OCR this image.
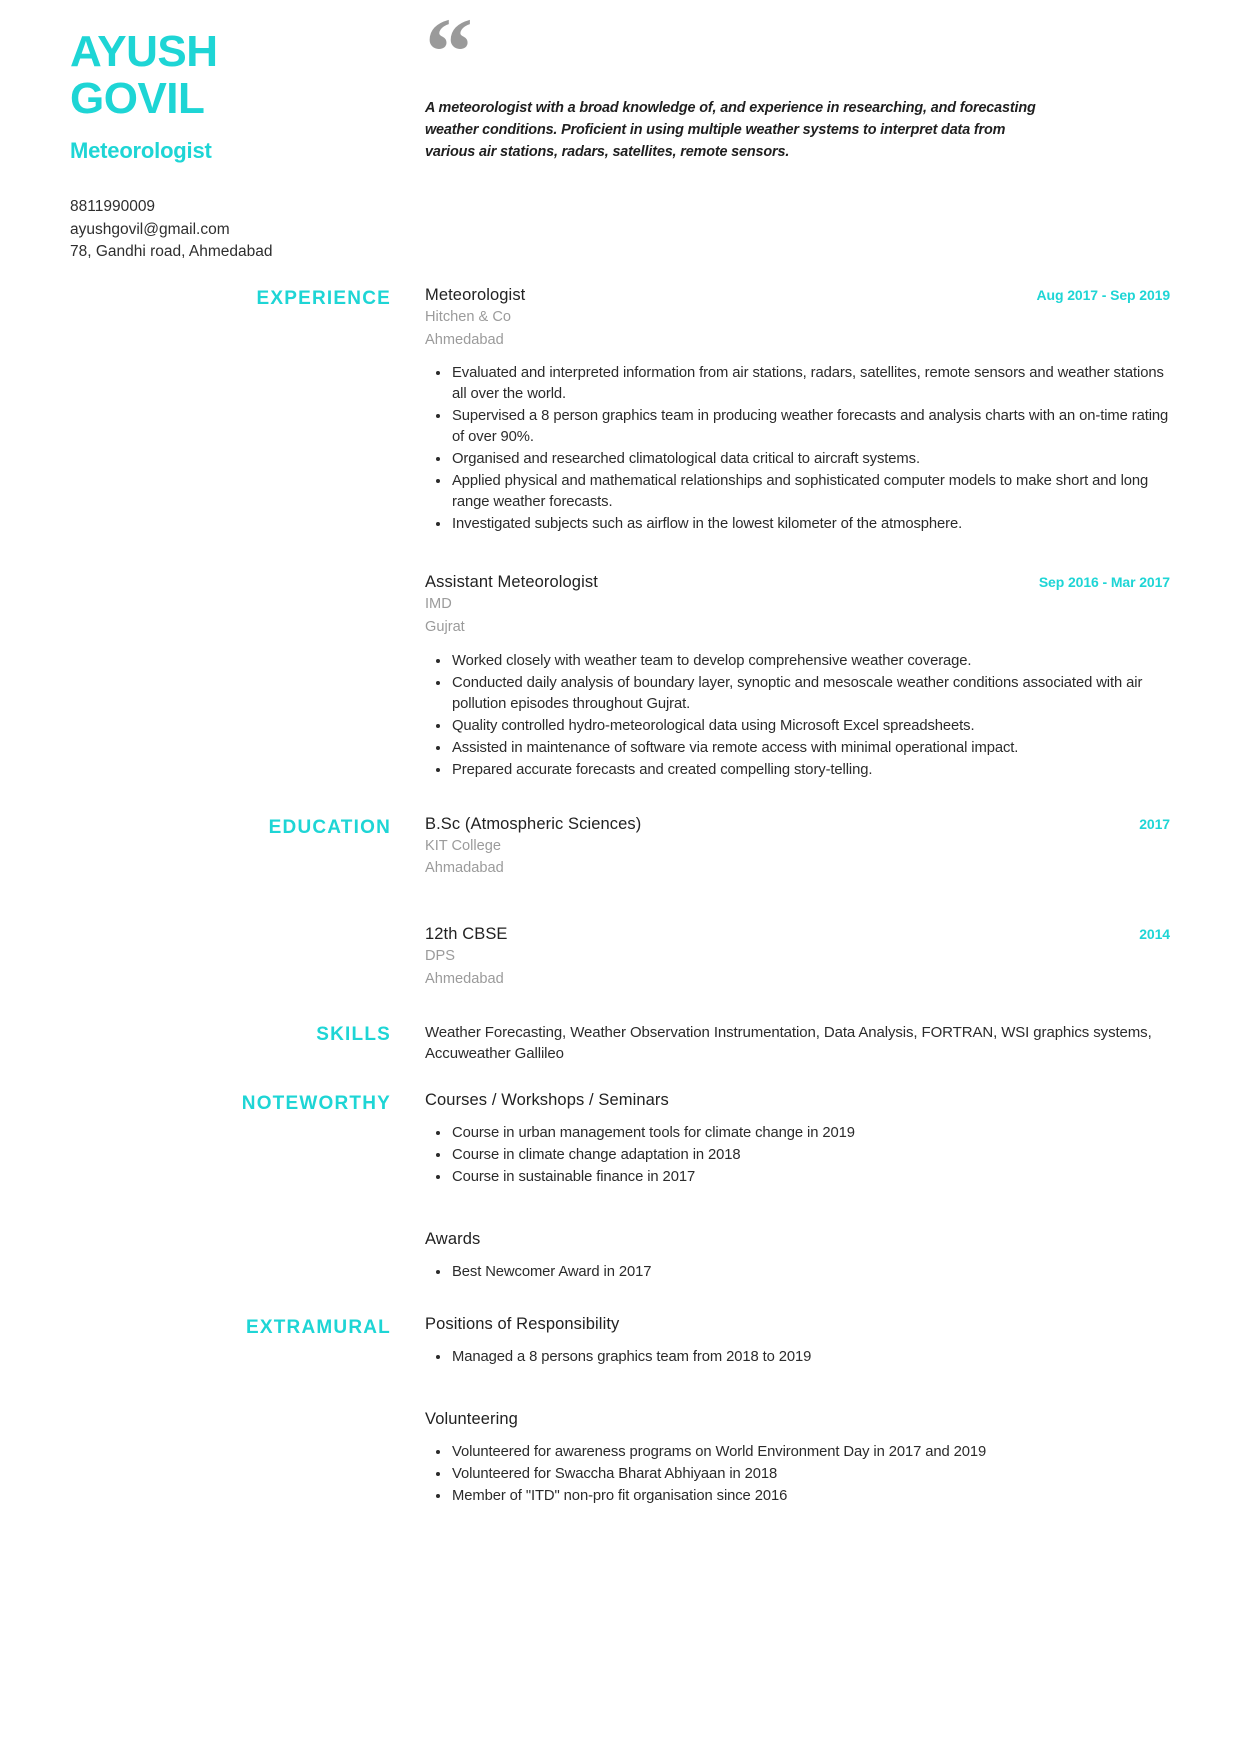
AYUSH
GOVIL
Meteorologist
8811990009
ayushgovil@gmail.com
78, Gandhi road, Ahmedabad
“
A meteorologist with a broad knowledge of, and experience in researching, and forecasting weather conditions. Proficient in using multiple weather systems to interpret data from various air stations, radars, satellites, remote sensors.
EXPERIENCE	Meteorologist	Aug 2017 - Sep 2019
Hitchen & Co
Ahmedabad
Evaluated and interpreted information from air stations, radars, satellites, remote sensors and weather stations all over the world.
Supervised a 8 person graphics team in producing weather forecasts and analysis charts with an on-time rating of over 90%.
Organised and researched climatological data critical to aircraft systems.
Applied physical and mathematical relationships and sophisticated computer models to make short and long range weather forecasts.
Investigated subjects such as airflow in the lowest kilometer of the atmosphere.
Assistant Meteorologist	Sep 2016 - Mar 2017
IMD
Gujrat
Worked closely with weather team to develop comprehensive weather coverage.
Conducted daily analysis of boundary layer, synoptic and mesoscale weather conditions associated with air pollution episodes throughout Gujrat.
Quality controlled hydro-meteorological data using Microsoft Excel spreadsheets.
Assisted in maintenance of software via remote access with minimal operational impact.
Prepared accurate forecasts and created compelling story-telling.
EDUCATION	B.Sc (Atmospheric Sciences)	2017
KIT College
Ahmadabad
12th CBSE	2014
DPS
Ahmedabad
SKILLS	Weather Forecasting, Weather Observation Instrumentation, Data Analysis, FORTRAN, WSI graphics systems, Accuweather Gallileo
NOTEWORTHY	Courses / Workshops / Seminars
Course in urban management tools for climate change in 2019
Course in climate change adaptation in 2018
Course in sustainable finance in 2017
Awards
Best Newcomer Award in 2017
EXTRAMURAL	Positions of Responsibility
Managed a 8 persons graphics team from 2018 to 2019
Volunteering
Volunteered for awareness programs on World Environment Day in 2017 and 2019
Volunteered for Swaccha Bharat Abhiyaan in 2018
Member of "ITD" non-pro fit organisation since 2016
